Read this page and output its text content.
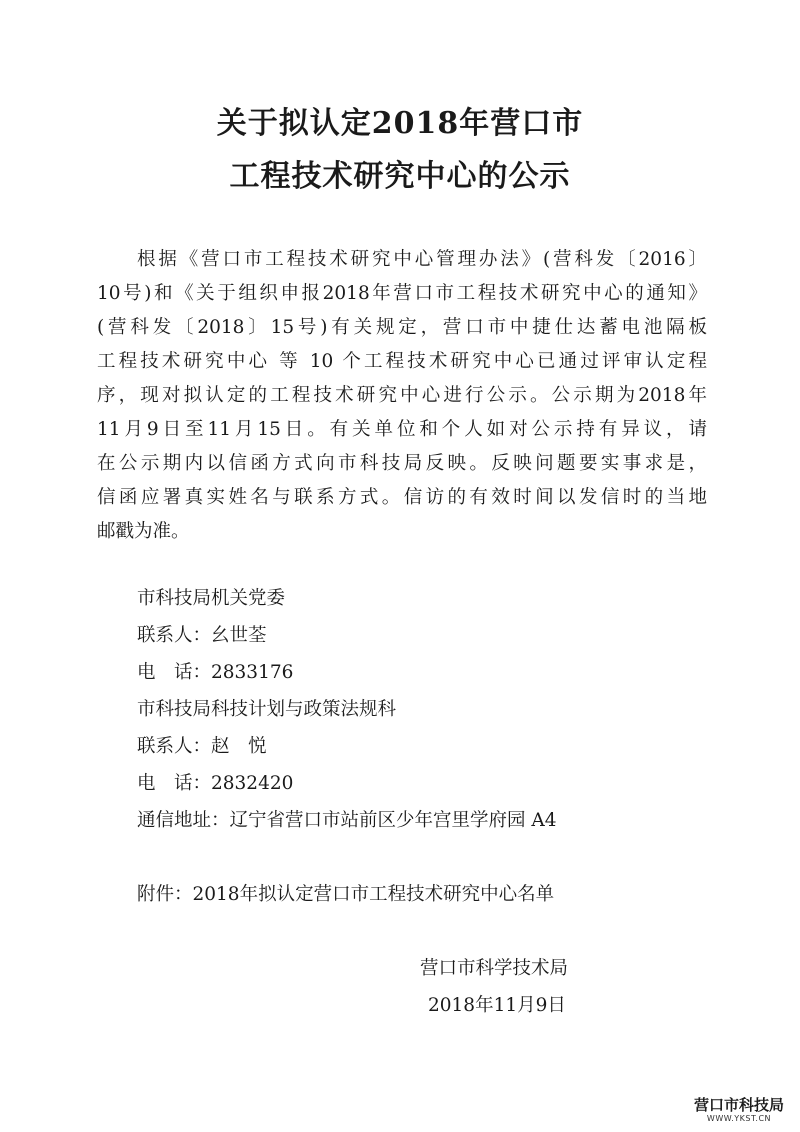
关于拟认定2018年营口市
工程技术研究中心的公示
根据《营口市工程技术研究中心管理办法》(营科发〔2016〕
10号)和《关于组织申报2018年营口市工程技术研究中心的通知》
(营科发〔2018〕15号)有关规定，营口市中捷仕达蓄电池隔板
工程技术研究中心 等 10 个工程技术研究中心已通过评审认定程
序，现对拟认定的工程技术研究中心进行公示。公示期为2018年
11月9日至11月15日。有关单位和个人如对公示持有异议，请
在公示期内以信函方式向市科技局反映。反映问题要实事求是，
信函应署真实姓名与联系方式。信访的有效时间以发信时的当地
邮戳为准。
市科技局机关党委
联系人：幺世荃
电　话：2833176
市科技局科技计划与政策法规科
联系人：赵　悦
电　话：2832420
通信地址：辽宁省营口市站前区少年宫里学府园 A4
附件：2018年拟认定营口市工程技术研究中心名单
营口市科学技术局
2018年11月9日
营口市科技局
WWW.YKST.CN
